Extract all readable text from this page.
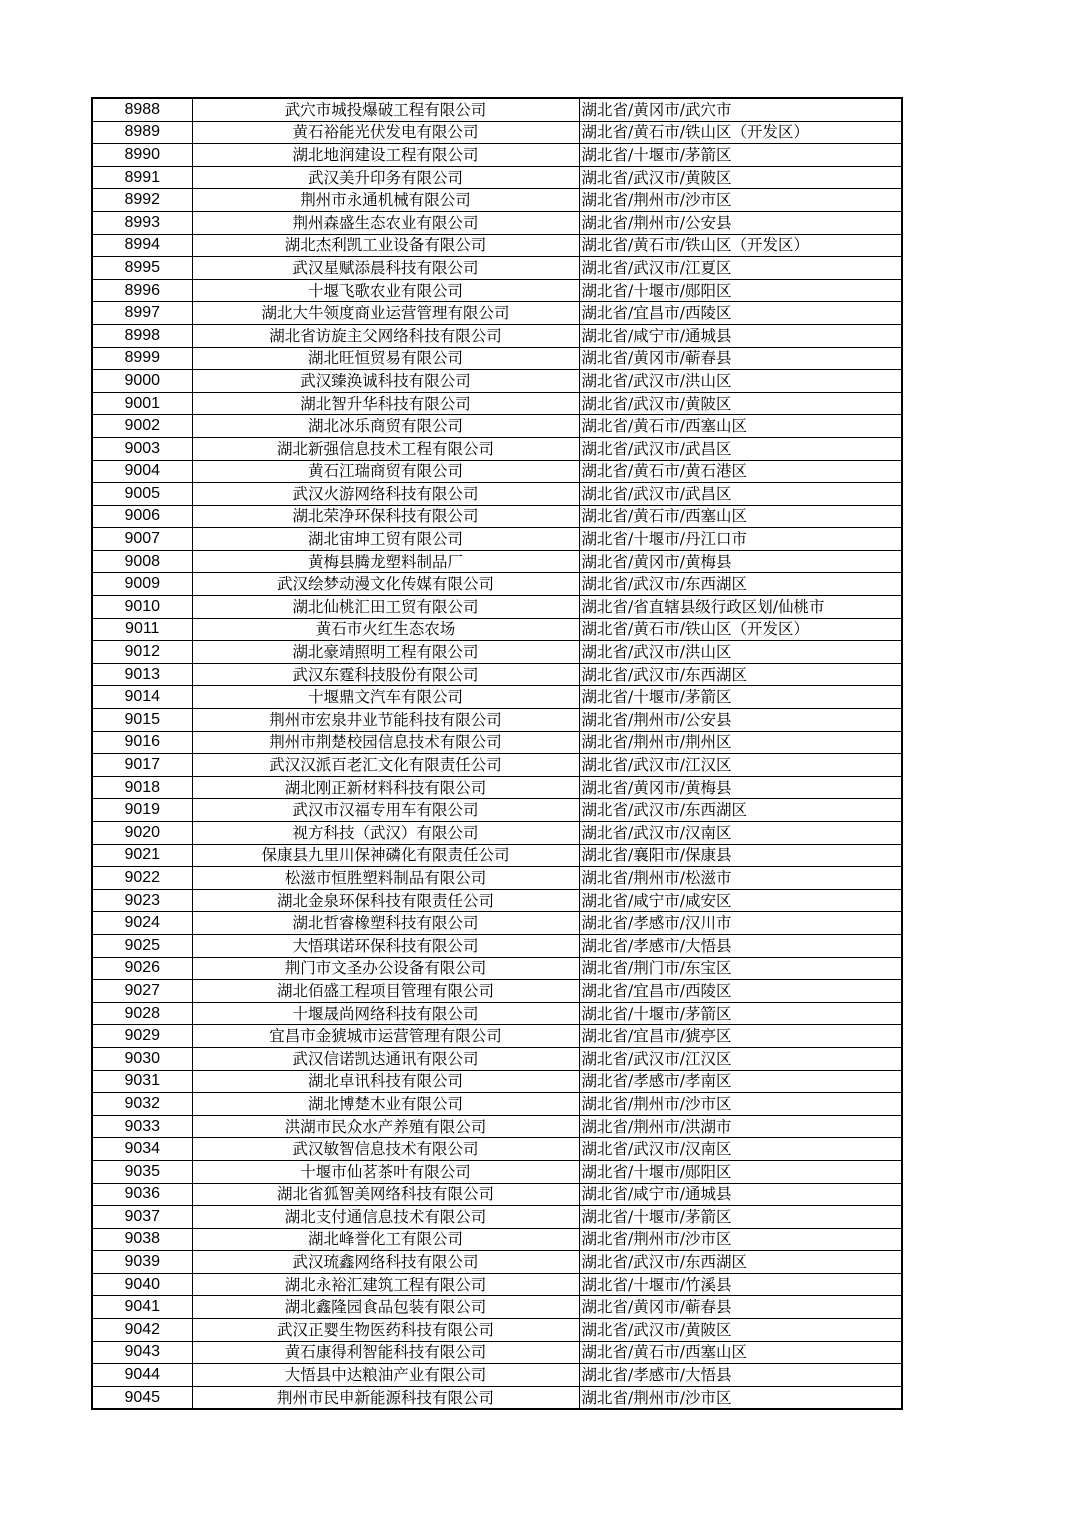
8988	武穴市城投爆破工程有限公司	湖北省/黄冈市/武穴市
8989	黄石裕能光伏发电有限公司	湖北省/黄石市/铁山区（开发区）
8990	湖北地润建设工程有限公司	湖北省/十堰市/茅箭区
8991	武汉美升印务有限公司	湖北省/武汉市/黄陂区
8992	荆州市永通机械有限公司	湖北省/荆州市/沙市区
8993	荆州森盛生态农业有限公司	湖北省/荆州市/公安县
8994	湖北杰利凯工业设备有限公司	湖北省/黄石市/铁山区（开发区）
8995	武汉星赋添晨科技有限公司	湖北省/武汉市/江夏区
8996	十堰飞歌农业有限公司	湖北省/十堰市/郧阳区
8997	湖北大牛领度商业运营管理有限公司	湖北省/宜昌市/西陵区
8998	湖北省访旋主父网络科技有限公司	湖北省/咸宁市/通城县
8999	湖北旺恒贸易有限公司	湖北省/黄冈市/蕲春县
9000	武汉臻涣诚科技有限公司	湖北省/武汉市/洪山区
9001	湖北智升华科技有限公司	湖北省/武汉市/黄陂区
9002	湖北冰乐商贸有限公司	湖北省/黄石市/西塞山区
9003	湖北新强信息技术工程有限公司	湖北省/武汉市/武昌区
9004	黄石江瑞商贸有限公司	湖北省/黄石市/黄石港区
9005	武汉火游网络科技有限公司	湖北省/武汉市/武昌区
9006	湖北荣净环保科技有限公司	湖北省/黄石市/西塞山区
9007	湖北宙坤工贸有限公司	湖北省/十堰市/丹江口市
9008	黄梅县腾龙塑料制品厂	湖北省/黄冈市/黄梅县
9009	武汉绘梦动漫文化传媒有限公司	湖北省/武汉市/东西湖区
9010	湖北仙桃汇田工贸有限公司	湖北省/省直辖县级行政区划/仙桃市
9011	黄石市火红生态农场	湖北省/黄石市/铁山区（开发区）
9012	湖北豪靖照明工程有限公司	湖北省/武汉市/洪山区
9013	武汉东霆科技股份有限公司	湖北省/武汉市/东西湖区
9014	十堰鼎文汽车有限公司	湖北省/十堰市/茅箭区
9015	荆州市宏泉井业节能科技有限公司	湖北省/荆州市/公安县
9016	荆州市荆楚校园信息技术有限公司	湖北省/荆州市/荆州区
9017	武汉汉派百老汇文化有限责任公司	湖北省/武汉市/江汉区
9018	湖北刚正新材料科技有限公司	湖北省/黄冈市/黄梅县
9019	武汉市汉福专用车有限公司	湖北省/武汉市/东西湖区
9020	视方科技（武汉）有限公司	湖北省/武汉市/汉南区
9021	保康县九里川保神磷化有限责任公司	湖北省/襄阳市/保康县
9022	松滋市恒胜塑料制品有限公司	湖北省/荆州市/松滋市
9023	湖北金泉环保科技有限责任公司	湖北省/咸宁市/咸安区
9024	湖北哲睿橡塑科技有限公司	湖北省/孝感市/汉川市
9025	大悟琪诺环保科技有限公司	湖北省/孝感市/大悟县
9026	荆门市文圣办公设备有限公司	湖北省/荆门市/东宝区
9027	湖北佰盛工程项目管理有限公司	湖北省/宜昌市/西陵区
9028	十堰晟尚网络科技有限公司	湖北省/十堰市/茅箭区
9029	宜昌市金猇城市运营管理有限公司	湖北省/宜昌市/猇亭区
9030	武汉信诺凯达通讯有限公司	湖北省/武汉市/江汉区
9031	湖北卓讯科技有限公司	湖北省/孝感市/孝南区
9032	湖北博楚木业有限公司	湖北省/荆州市/沙市区
9033	洪湖市民众水产养殖有限公司	湖北省/荆州市/洪湖市
9034	武汉敏智信息技术有限公司	湖北省/武汉市/汉南区
9035	十堰市仙茗茶叶有限公司	湖北省/十堰市/郧阳区
9036	湖北省狐智美网络科技有限公司	湖北省/咸宁市/通城县
9037	湖北支付通信息技术有限公司	湖北省/十堰市/茅箭区
9038	湖北峰誉化工有限公司	湖北省/荆州市/沙市区
9039	武汉琉鑫网络科技有限公司	湖北省/武汉市/东西湖区
9040	湖北永裕汇建筑工程有限公司	湖北省/十堰市/竹溪县
9041	湖北鑫隆园食品包装有限公司	湖北省/黄冈市/蕲春县
9042	武汉正婴生物医药科技有限公司	湖北省/武汉市/黄陂区
9043	黄石康得利智能科技有限公司	湖北省/黄石市/西塞山区
9044	大悟县中达粮油产业有限公司	湖北省/孝感市/大悟县
9045	荆州市民申新能源科技有限公司	湖北省/荆州市/沙市区
